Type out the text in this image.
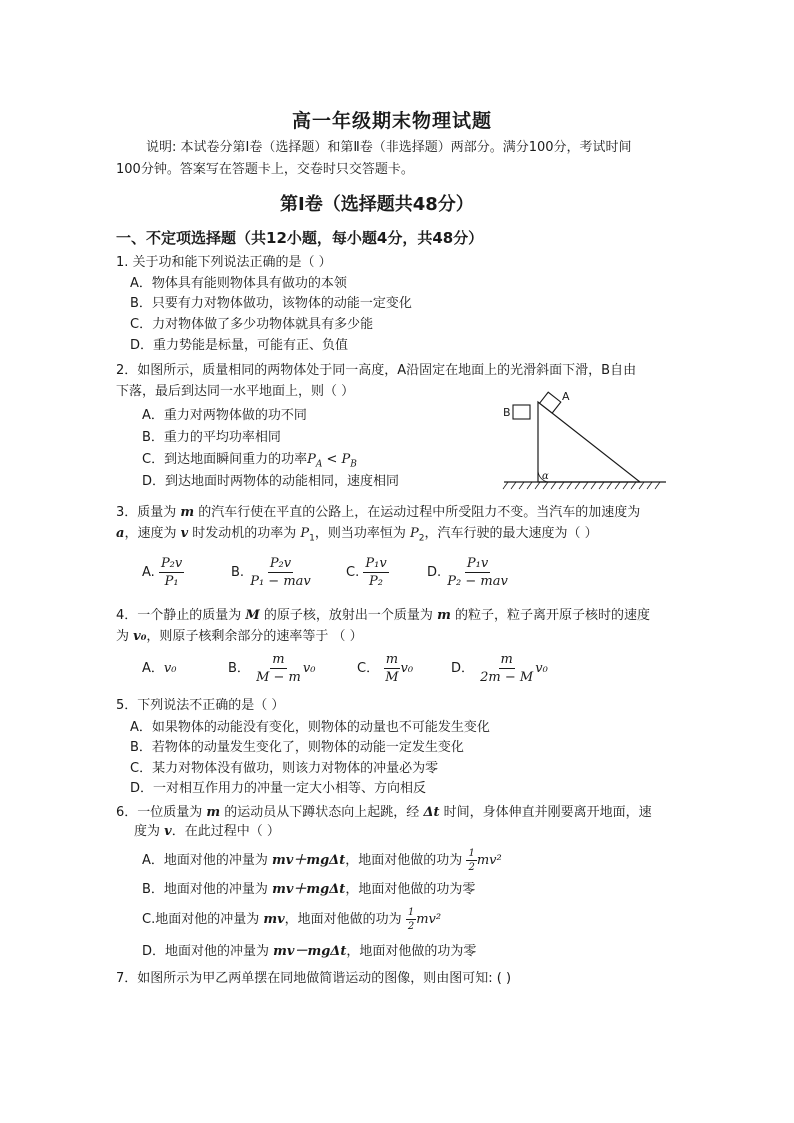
高一年级期末物理试题
说明: 本试卷分第Ⅰ卷（选择题）和第Ⅱ卷（非选择题）两部分。满分100分，考试时间
100分钟。答案写在答题卡上，交卷时只交答题卡。
第Ⅰ卷（选择题共48分）
一、不定项选择题（共12小题，每小题4分，共48分）
1. 关于功和能下列说法正确的是（ ）
A．物体具有能则物体具有做功的本领
B．只要有力对物体做功，该物体的动能一定变化
C．力对物体做了多少功物体就具有多少能
D．重力势能是标量，可能有正、负值
2．如图所示，质量相同的两物体处于同一高度，A沿固定在地面上的光滑斜面下滑，B自由
下落，最后到达同一水平地面上，则（ ）
A．重力对两物体做的功不同
B．重力的平均功率相同
C．到达地面瞬间重力的功率$P_A < P_B$
D．到达地面时两物体的动能相同，速度相同
B
A
α
3．质量为 m 的汽车行使在平直的公路上，在运动过程中所受阻力不变。当汽车的加速度为
a，速度为 v 时发动机的功率为 $P_1$，则当功率恒为 $P_2$，汽车行驶的最大速度为（ ）
A. $\frac{\text{P₂v}}{\text{P₁}}$	B. $\frac{\text{P₂v}}{\text{P₁ − mav}}$	C. $\frac{\text{P₁v}}{\text{P₂}}$	D. $\frac{\text{P₁v}}{\text{P₂ − mav}}$
4．一个静止的质量为 M 的原子核，放射出一个质量为 m 的粒子，粒子离开原子核时的速度
为 v₀，则原子核剩余部分的速率等于 （ ）
A．v₀	B． $\frac{m}{M - m} v_0$	C． $\frac{m}{M} v_0$	D． $\frac{m}{2m - M} v_0$
5．下列说法不正确的是（ ）
A．如果物体的动能没有变化，则物体的动量也不可能发生变化
B．若物体的动量发生变化了，则物体的动能一定发生变化
C．某力对物体没有做功，则该力对物体的冲量必为零
D．一对相互作用力的冲量一定大小相等、方向相反
6．一位质量为 m 的运动员从下蹲状态向上起跳，经 Δt 时间，身体伸直并刚要离开地面，速
度为 v．在此过程中（ ）
A．地面对他的冲量为 mv＋mgΔt，地面对他做的功为 $\frac{1}{2} mv^2$
B．地面对他的冲量为 mv＋mgΔt，地面对他做的功为零
C.地面对他的冲量为 mv，地面对他做的功为 $\frac{1}{2} mv^2$
D．地面对他的冲量为 mv－mgΔt，地面对他做的功为零
7．如图所示为甲乙两单摆在同地做简谐运动的图像，则由图可知: ( )
